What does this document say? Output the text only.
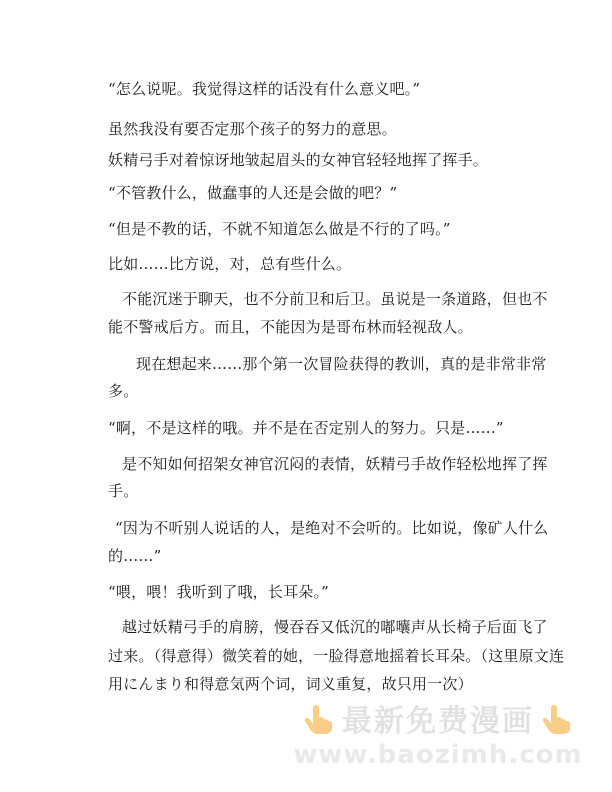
“怎么说呢。我觉得这样的话没有什么意义吧。”
虽然我没有要否定那个孩子的努力的意思。
妖精弓手对着惊讶地皱起眉头的女神官轻轻地挥了挥手。
“不管教什么，做蠢事的人还是会做的吧？”
“但是不教的话，不就不知道怎么做是不行的了吗。”
比如……比方说，对，总有些什么。
不能沉迷于聊天，也不分前卫和后卫。虽说是一条道路，但也不
能不警戒后方。而且，不能因为是哥布林而轻视敌人。
现在想起来……那个第一次冒险获得的教训，真的是非常非常
多。
“啊，不是这样的哦。并不是在否定别人的努力。只是……”
是不知如何招架女神官沉闷的表情，妖精弓手故作轻松地挥了挥
手。
“因为不听别人说话的人，是绝对不会听的。比如说，像矿人什么
的……”
“喂，喂！我听到了哦，长耳朵。”
越过妖精弓手的肩膀，慢吞吞又低沉的嘟囔声从长椅子后面飞了
过来。（得意得）微笑着的她，一脸得意地摇着长耳朵。（这里原文连
用にんまり和得意気两个词，词义重复，故只用一次）
最新免费漫画
www.baozimh.com
